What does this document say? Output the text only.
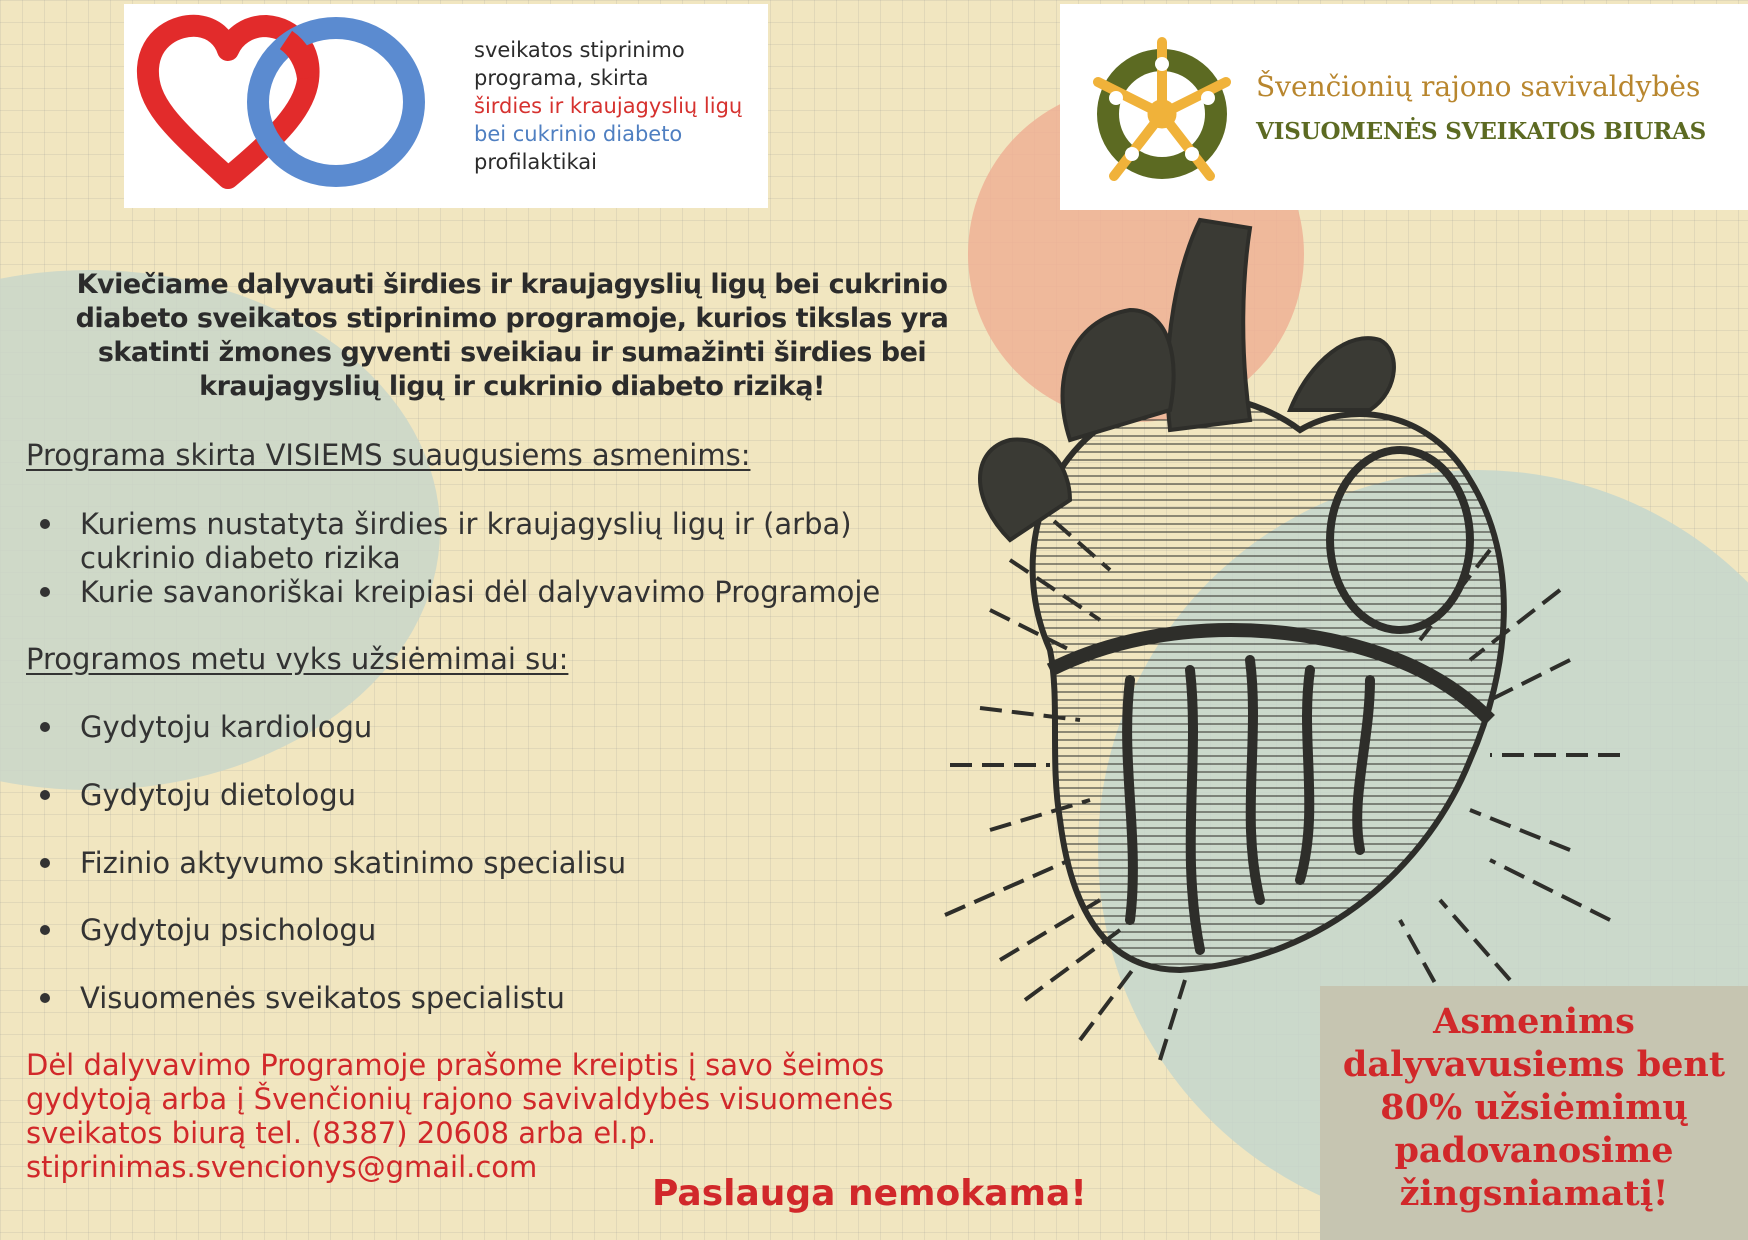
sveikatos stiprinimo
programa, skirta
širdies ir kraujagyslių ligų
bei cukrinio diabeto
profilaktikai
Švenčionių rajono savivaldybės
VISUOMENĖS SVEIKATOS BIURAS
Kviečiame dalyvauti širdies ir kraujagyslių ligų bei cukrinio
diabeto sveikatos stiprinimo programoje, kurios tikslas yra
skatinti žmones gyventi sveikiau ir sumažinti širdies bei
kraujagyslių ligų ir cukrinio diabeto riziką!
Programa skirta VISIEMS suaugusiems asmenims:
Kuriems nustatyta širdies ir kraujagyslių ligų ir (arba)
cukrinio diabeto rizika
Kurie savanoriškai kreipiasi dėl dalyvavimo Programoje
Programos metu vyks užsiėmimai su:
Gydytoju kardiologu
Gydytoju dietologu
Fizinio aktyvumo skatinimo specialisu
Gydytoju psichologu
Visuomenės sveikatos specialistu
Dėl dalyvavimo Programoje prašome kreiptis į savo šeimos
gydytoją arba į Švenčionių rajono savivaldybės visuomenės
sveikatos biurą tel. (8387) 20608 arba el.p.
stiprinimas.svencionys@gmail.com
Paslauga nemokama!
Asmenims
dalyvavusiems bent
80% užsiėmimų
padovanosime
žingsniamatį!
